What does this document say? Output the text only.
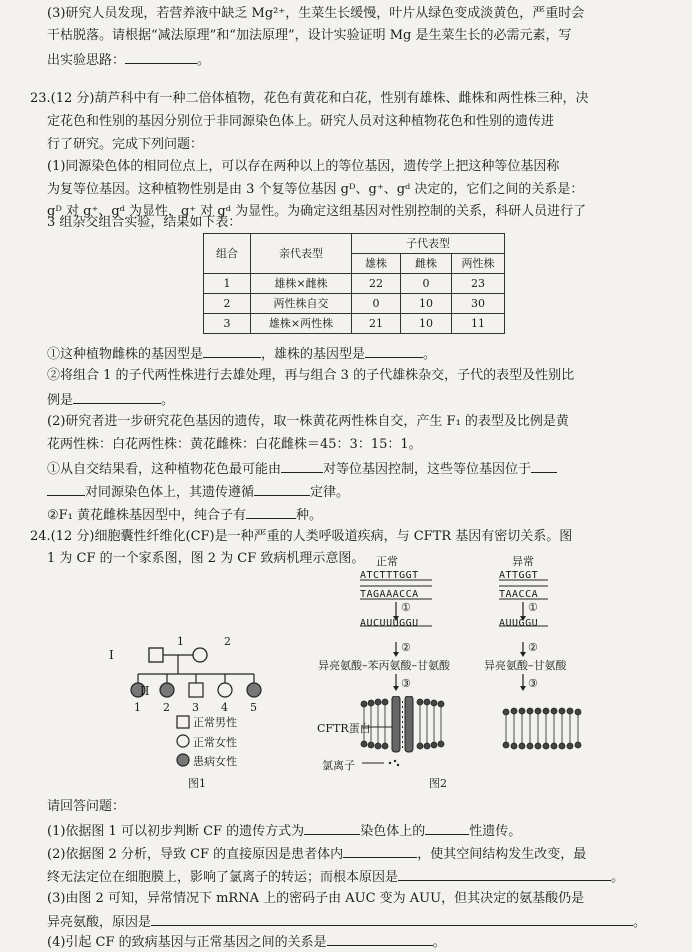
(3)研究人员发现，若营养液中缺乏 Mg²⁺，生菜生长缓慢，叶片从绿色变成淡黄色，严重时会
干枯脱落。请根据“减法原理”和“加法原理”，设计实验证明 Mg 是生菜生长的必需元素，写
出实验思路：	。
23.(12 分)葫芦科中有一种二倍体植物，花色有黄花和白花，性别有雄株、雌株和两性株三种，决
定花色和性别的基因分别位于非同源染色体上。研究人员对这种植物花色和性别的遗传进
行了研究。完成下列问题：
(1)同源染色体的相同位点上，可以存在两种以上的等位基因，遗传学上把这种等位基因称
为复等位基因。这种植物性别是由 3 个复等位基因 gᴰ、g⁺、gᵈ 决定的，它们之间的关系是：
gᴰ 对 g⁺、gᵈ 为显性，g⁺ 对 gᵈ 为显性。为确定这组基因对性别控制的关系，科研人员进行了
3 组杂交组合实验，结果如下表：
组合	亲代表型	子代表型		
		雄株	雌株	两性株
1	雄株×雌株	22	0	23
2	两性株自交	0	10	30
3	雄株×两性株	21	10	11
①这种植物雌株的基因型是	，雄株的基因型是	。
②将组合 1 的子代两性株进行去雄处理，再与组合 3 的子代雄株杂交，子代的表型及性别比
例是	。
(2)研究者进一步研究花色基因的遗传，取一株黄花两性株自交，产生 F₁ 的表型及比例是黄
花两性株：白花两性株：黄花雌株：白花雌株＝45：3：15：1。
①从自交结果看，这种植物花色最可能由	对等位基因控制，这些等位基因位于
对同源染色体上，其遗传遵循	定律。
②F₁ 黄花雌株基因型中，纯合子有	种。
24.(12 分)细胞囊性纤维化(CF)是一种严重的人类呼吸道疾病，与 CFTR 基因有密切关系。图
1 为 CF 的一个家系图，图 2 为 CF 致病机理示意图。
I
II
1	2
1 2 3 4 5
正常男性
正常女性
患病女性
图1
正常	异常
ATCTTTGGT
TAGAAACCA
ATTGGT
TAACCA
①	①
AUCUUUGGU	AUUGGU
②	②
异亮氨酸–苯丙氨酸–甘氨酸	异亮氨酸–甘氨酸
③	③
CFTR蛋白
氯离子
图2
请回答问题：
(1)依据图 1 可以初步判断 CF 的遗传方式为	染色体上的	性遗传。
(2)依据图 2 分析，导致 CF 的直接原因是患者体内	，使其空间结构发生改变，最
终无法定位在细胞膜上，影响了氯离子的转运；而根本原因是	。
(3)由图 2 可知，异常情况下 mRNA 上的密码子由 AUC 变为 AUU，但其决定的氨基酸仍是
异亮氨酸，原因是	。
(4)引起 CF 的致病基因与正常基因之间的关系是	。
